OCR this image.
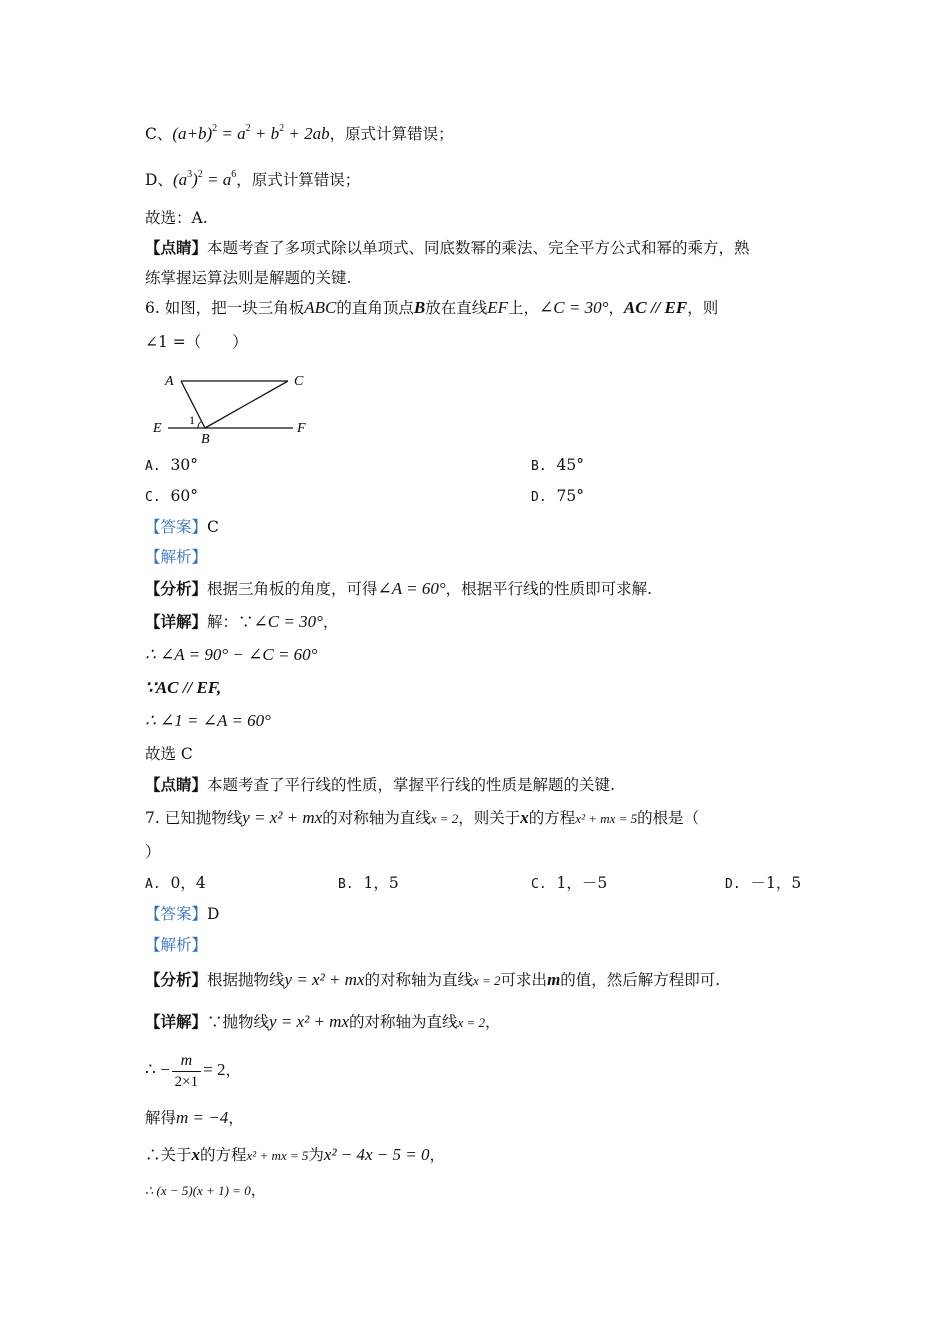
C、$(a+b)^2 = a^2 + b^2 + 2ab$，原式计算错误；
D、$(a^3)^2 = a^6$，原式计算错误；
故选：A.
【点睛】本题考查了多项式除以单项式、同底数幂的乘法、完全平方公式和幂的乘方，熟
练掌握运算法则是解题的关键.
6. 如图，把一块三角板ABC的直角顶点B放在直线EF上，∠C = 30°，AC // EF，则
∠1 =（　　）
A	C
E
B
F
1
A. 30°	B. 45°
C. 60°	D. 75°
【答案】C
【解析】
【分析】根据三角板的角度，可得∠A = 60°，根据平行线的性质即可求解.
【详解】解：∵∠C = 30°，
∴ ∠A = 90° − ∠C = 60°
∵AC // EF,
∴ ∠1 = ∠A = 60°
故选 C
【点睛】本题考查了平行线的性质，掌握平行线的性质是解题的关键.
7. 已知抛物线y = x² + mx的对称轴为直线x = 2，则关于x的方程x² + mx = 5的根是（
）
A. 0，4	B. 1，5	C. 1，－5	D. －1，5
【答案】D
【解析】
【分析】根据抛物线y = x² + mx的对称轴为直线x = 2可求出m的值，然后解方程即可.
【详解】∵抛物线y = x² + mx的对称轴为直线x = 2，
∴ − $\frac{m}{2\times 1} = 2$，
解得m = −4，
∴关于x的方程x² + mx = 5为x² − 4x − 5 = 0，
∴ (x − 5)(x + 1) = 0，
